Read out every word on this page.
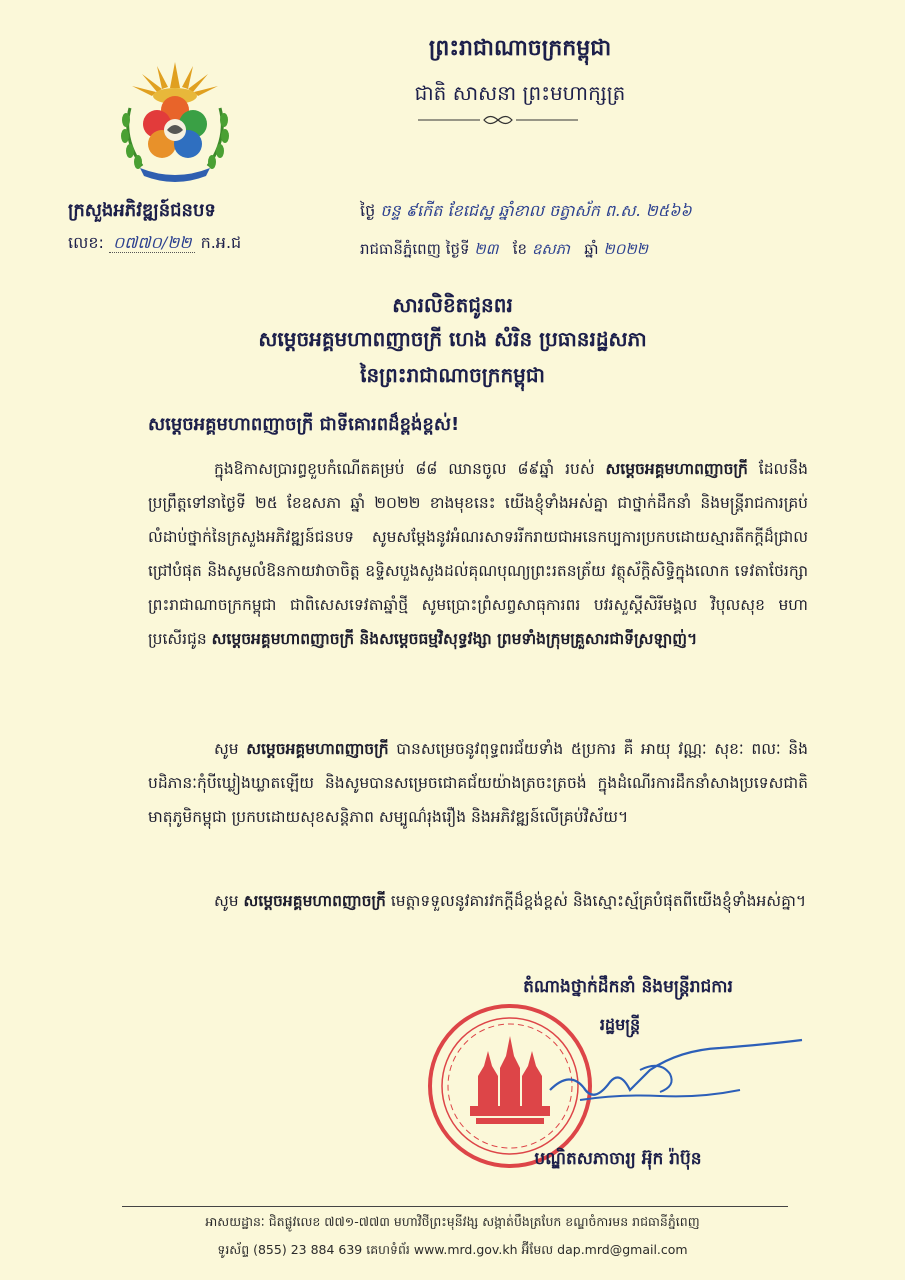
ក្រសួងអភិវឌ្ឍន៍ជនបទ
លេខ: ០៧៧០/២២ ក.អ.ជ
ព្រះរាជាណាចក្រកម្ពុជា
ជាតិ សាសនា ព្រះមហាក្សត្រ
ថ្ងៃ ចន្ទ ៩កើត ខែជេស្ឋ ឆ្នាំខាល ចត្វាស័ក ព.ស. ២៥៦៦
រាជធានីភ្នំពេញ ថ្ងៃទី ២៣ ខែ ឧសភា ឆ្នាំ ២០២២
សារលិខិតជូនពរ
សម្ដេចអគ្គមហាពញាចក្រី ហេង សំរិន ប្រធានរដ្ឋសភា
នៃព្រះរាជាណាចក្រកម្ពុជា
សម្ដេចអគ្គមហាពញាចក្រី ជាទីគោរពដ៏ខ្ពង់ខ្ពស់!
ក្នុងឱកាសប្រារព្ធខួបកំណើតគម្រប់ ៨៨ ឈានចូល ៨៩ឆ្នាំ របស់ សម្ដេចអគ្គមហាពញាចក្រី ដែលនឹងប្រព្រឹត្តទៅនាថ្ងៃទី ២៥ ខែឧសភា ឆ្នាំ ២០២២ ខាងមុខនេះ យើងខ្ញុំទាំងអស់គ្នា ជាថ្នាក់ដឹកនាំ និងមន្ត្រីរាជការគ្រប់លំដាប់ថ្នាក់នៃក្រសួងអភិវឌ្ឍន៍ជនបទ សូមសម្ដែងនូវអំណរសាទររីករាយជាអនេកប្បការប្រកបដោយស្មារតីកក្ដីដ៏ជ្រាលជ្រៅបំផុត និងសូមលំឱនកាយវាចាចិត្ត ឧទ្ទិសបួងសួងដល់គុណបុណ្យព្រះរតនត្រ័យ វត្ថុស័ក្ដិសិទ្ធិក្នុងលោក ទេវតាថែរក្សាព្រះរាជាណាចក្រកម្ពុជា ជាពិសេសទេវតាឆ្នាំថ្មី សូមប្រោះព្រំសព្វសាធុការពរ បវរសួស្ដីសិរីមង្គល វិបុលសុខ មហាប្រសើរជូន សម្ដេចអគ្គមហាពញាចក្រី និងសម្ដេចធម្មវិសុទ្ធវង្សា ព្រមទាំងក្រុមគ្រួសារជាទីស្រឡាញ់។
សូម សម្ដេចអគ្គមហាពញាចក្រី បានសម្រេចនូវពុទ្ធពរជ័យទាំង ៥ប្រការ គឺ អាយុ វណ្ណៈ សុខៈ ពលៈ និងបដិភានៈកុំបីឃ្លៀងឃ្លាតឡើយ និងសូមបានសម្រេចជោគជ័យយ៉ាងត្រចះត្រចង់ ក្នុងដំណើរការដឹកនាំសាងប្រទេសជាតិមាតុភូមិកម្ពុជា ប្រកបដោយសុខសន្តិភាព សម្បូណ៌រុងរឿង និងអភិវឌ្ឍន៍លើគ្រប់វិស័យ។
សូម សម្ដេចអគ្គមហាពញាចក្រី មេត្តាទទួលនូវគារវកក្ដីដ៏ខ្ពង់ខ្ពស់ និងស្មោះស្ម័គ្របំផុតពីយើងខ្ញុំទាំងអស់គ្នា។
តំណាងថ្នាក់ដឹកនាំ និងមន្ត្រីរាជការ
រដ្ឋមន្ត្រី
បណ្ឌិតសភាចារ្យ អ៊ុក រ៉ាប៊ុន
អាសយដ្ឋានៈ ជិតផ្លូវលេខ ៧៧១-៧៧៣ មហាវិថីព្រះមុនីវង្ស សង្កាត់បឹងត្របែក ខណ្ឌចំការមន រាជធានីភ្នំពេញ
ទូរស័ព្ទ (855) 23 884 639 គេហទំព័រ www.mrd.gov.kh អ៊ីមែល dap.mrd@gmail.com
